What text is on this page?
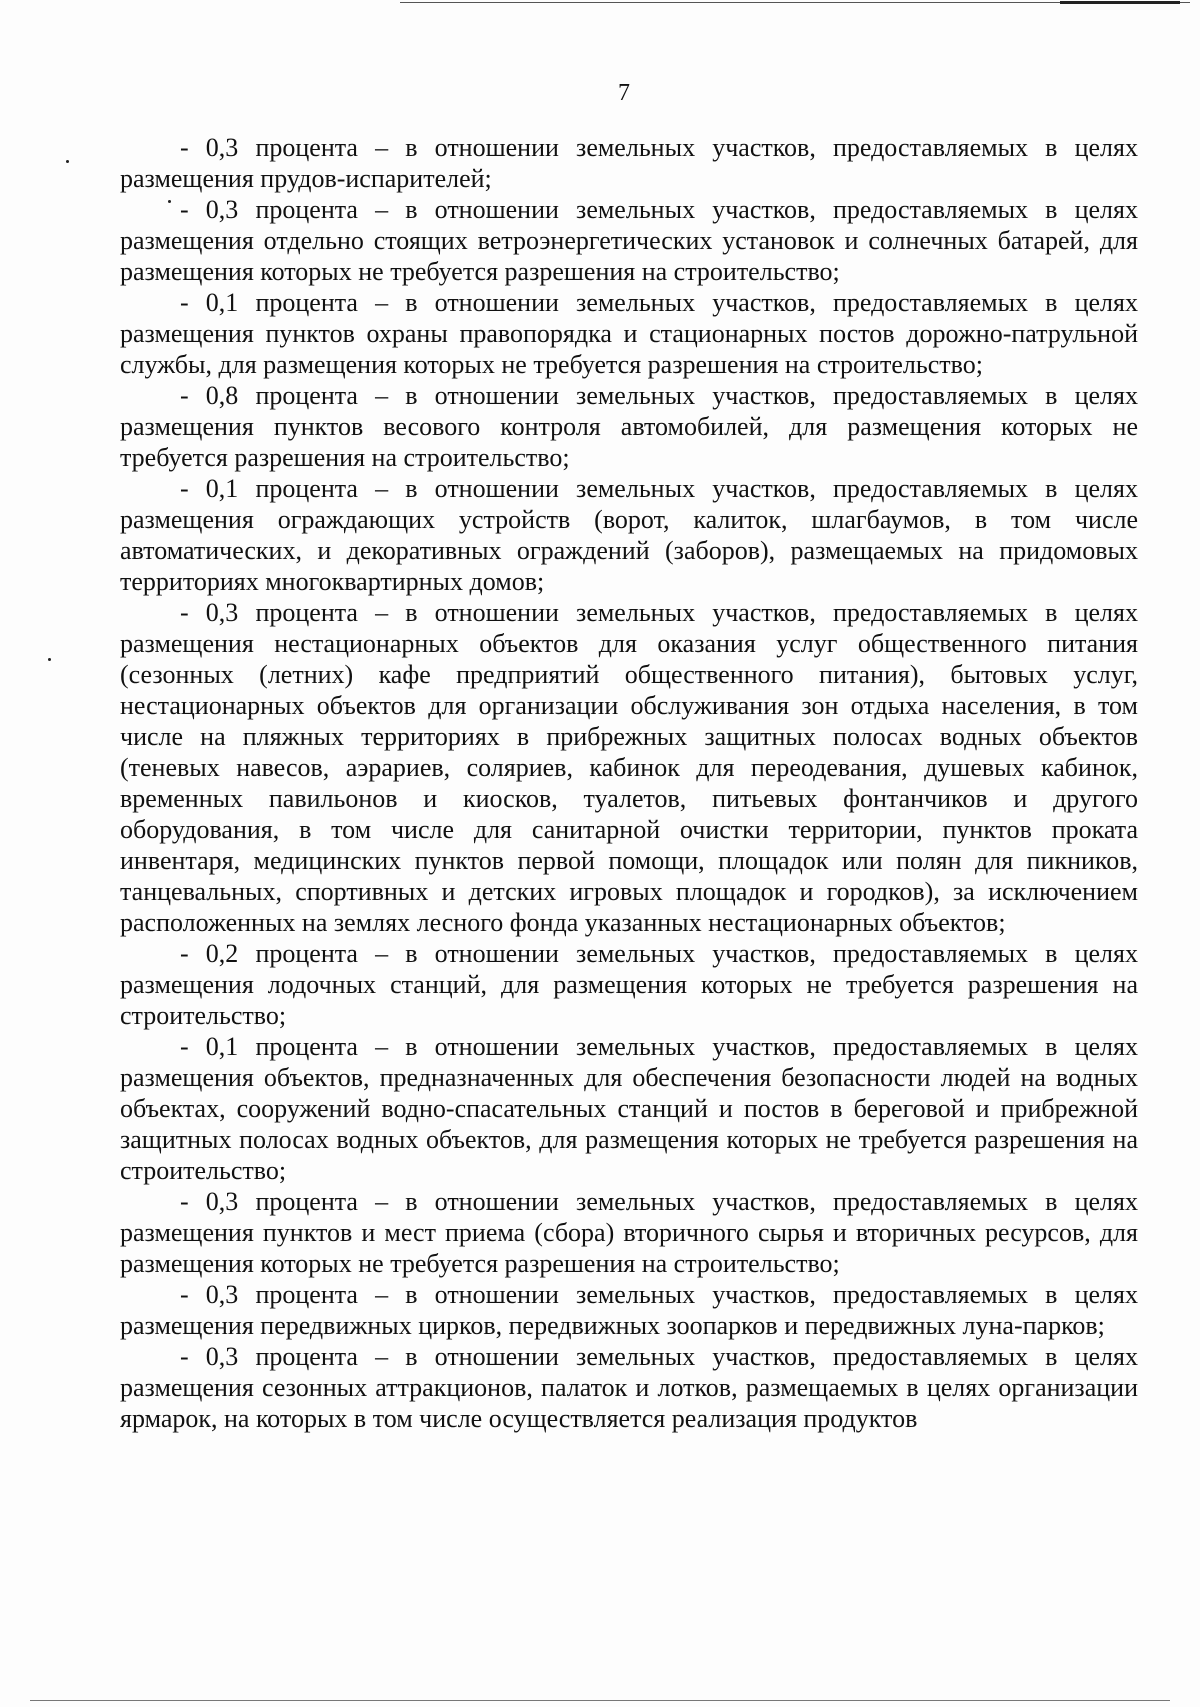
7

- 0,3 процента – в отношении земельных участков, предоставляемых в целях размещения прудов-испарителей;

- 0,3 процента – в отношении земельных участков, предоставляемых в целях размещения отдельно стоящих ветроэнергетических установок и солнечных батарей, для размещения которых не требуется разрешения на строительство;

- 0,1 процента – в отношении земельных участков, предоставляемых в целях размещения пунктов охраны правопорядка и стационарных постов дорожно-патрульной службы, для размещения которых не требуется разрешения на строительство;

- 0,8 процента – в отношении земельных участков, предоставляемых в целях размещения пунктов весового контроля автомобилей, для размещения которых не требуется разрешения на строительство;

- 0,1 процента – в отношении земельных участков, предоставляемых в целях размещения ограждающих устройств (ворот, калиток, шлагбаумов, в том числе автоматических, и декоративных ограждений (заборов), размещаемых на придомовых территориях многоквартирных домов;

- 0,3 процента – в отношении земельных участков, предоставляемых в целях размещения нестационарных объектов для оказания услуг общественного питания (сезонных (летних) кафе предприятий общественного питания), бытовых услуг, нестационарных объектов для организации обслуживания зон отдыха населения, в том числе на пляжных территориях в прибрежных защитных полосах водных объектов (теневых навесов, аэрариев, соляриев, кабинок для переодевания, душевых кабинок, временных павильонов и киосков, туалетов, питьевых фонтанчиков и другого оборудования, в том числе для санитарной очистки территории, пунктов проката инвентаря, медицинских пунктов первой помощи, площадок или полян для пикников, танцевальных, спортивных и детских игровых площадок и городков), за исключением расположенных на землях лесного фонда указанных нестационарных объектов;

- 0,2 процента – в отношении земельных участков, предоставляемых в целях размещения лодочных станций, для размещения которых не требуется разрешения на строительство;

- 0,1 процента – в отношении земельных участков, предоставляемых в целях размещения объектов, предназначенных для обеспечения безопасности людей на водных объектах, сооружений водно-спасательных станций и постов в береговой и прибрежной защитных полосах водных объектов, для размещения которых не требуется разрешения на строительство;

- 0,3 процента – в отношении земельных участков, предоставляемых в целях размещения пунктов и мест приема (сбора) вторичного сырья и вторичных ресурсов, для размещения которых не требуется разрешения на строительство;

- 0,3 процента – в отношении земельных участков, предоставляемых в целях размещения передвижных цирков, передвижных зоопарков и передвижных луна-парков;

- 0,3 процента – в отношении земельных участков, предоставляемых в целях размещения сезонных аттракционов, палаток и лотков, размещаемых в целях организации ярмарок, на которых в том числе осуществляется реализация продуктов
